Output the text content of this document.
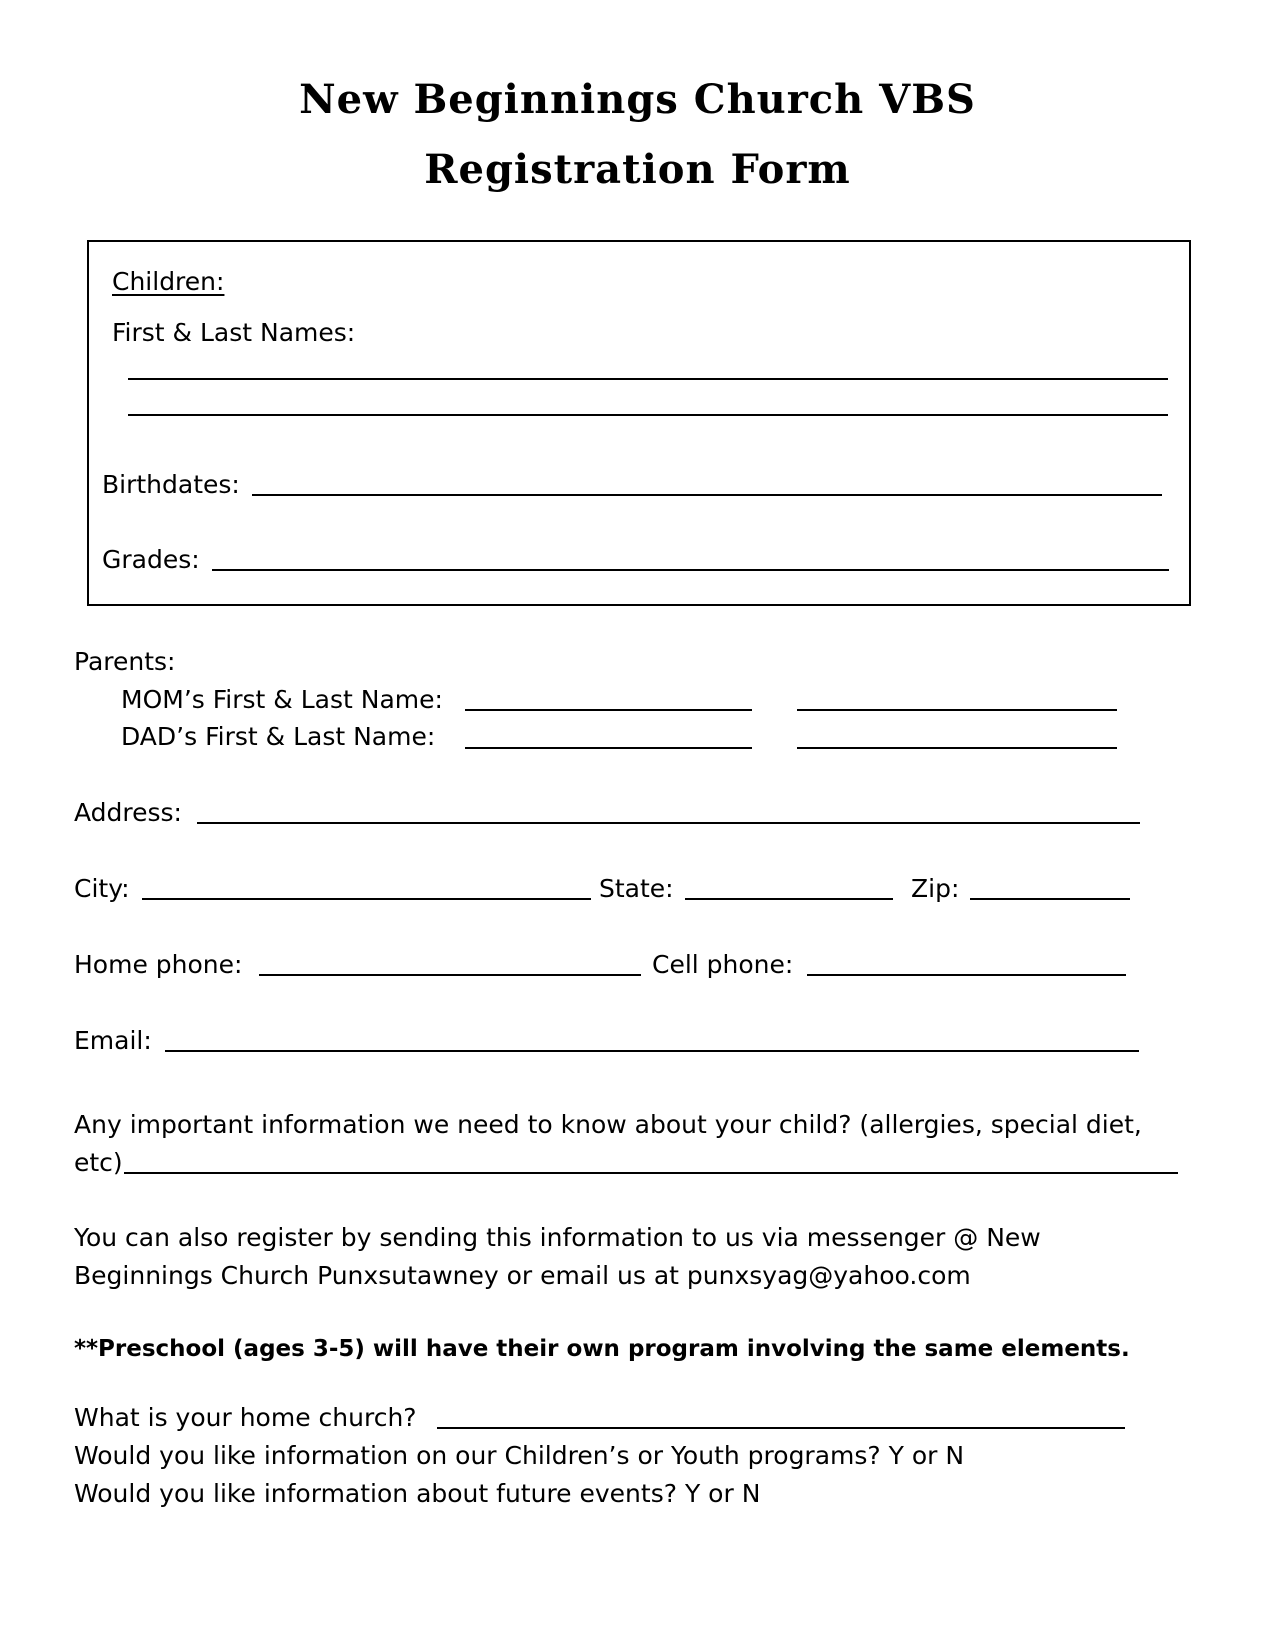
New Beginnings Church VBS
Registration Form
Children:
First & Last Names:
Birthdates:
Grades:
Parents:
MOM’s First & Last Name:
DAD’s First & Last Name:
Address:
City:	State:	Zip:
Home phone:	Cell phone:
Email:
Any important information we need to know about your child? (allergies, special diet,
etc)
You can also register by sending this information to us via messenger @ New
Beginnings Church Punxsutawney or email us at punxsyag@yahoo.com
**Preschool (ages 3-5) will have their own program involving the same elements.
What is your home church?
Would you like information on our Children’s or Youth programs? Y or N
Would you like information about future events? Y or N
